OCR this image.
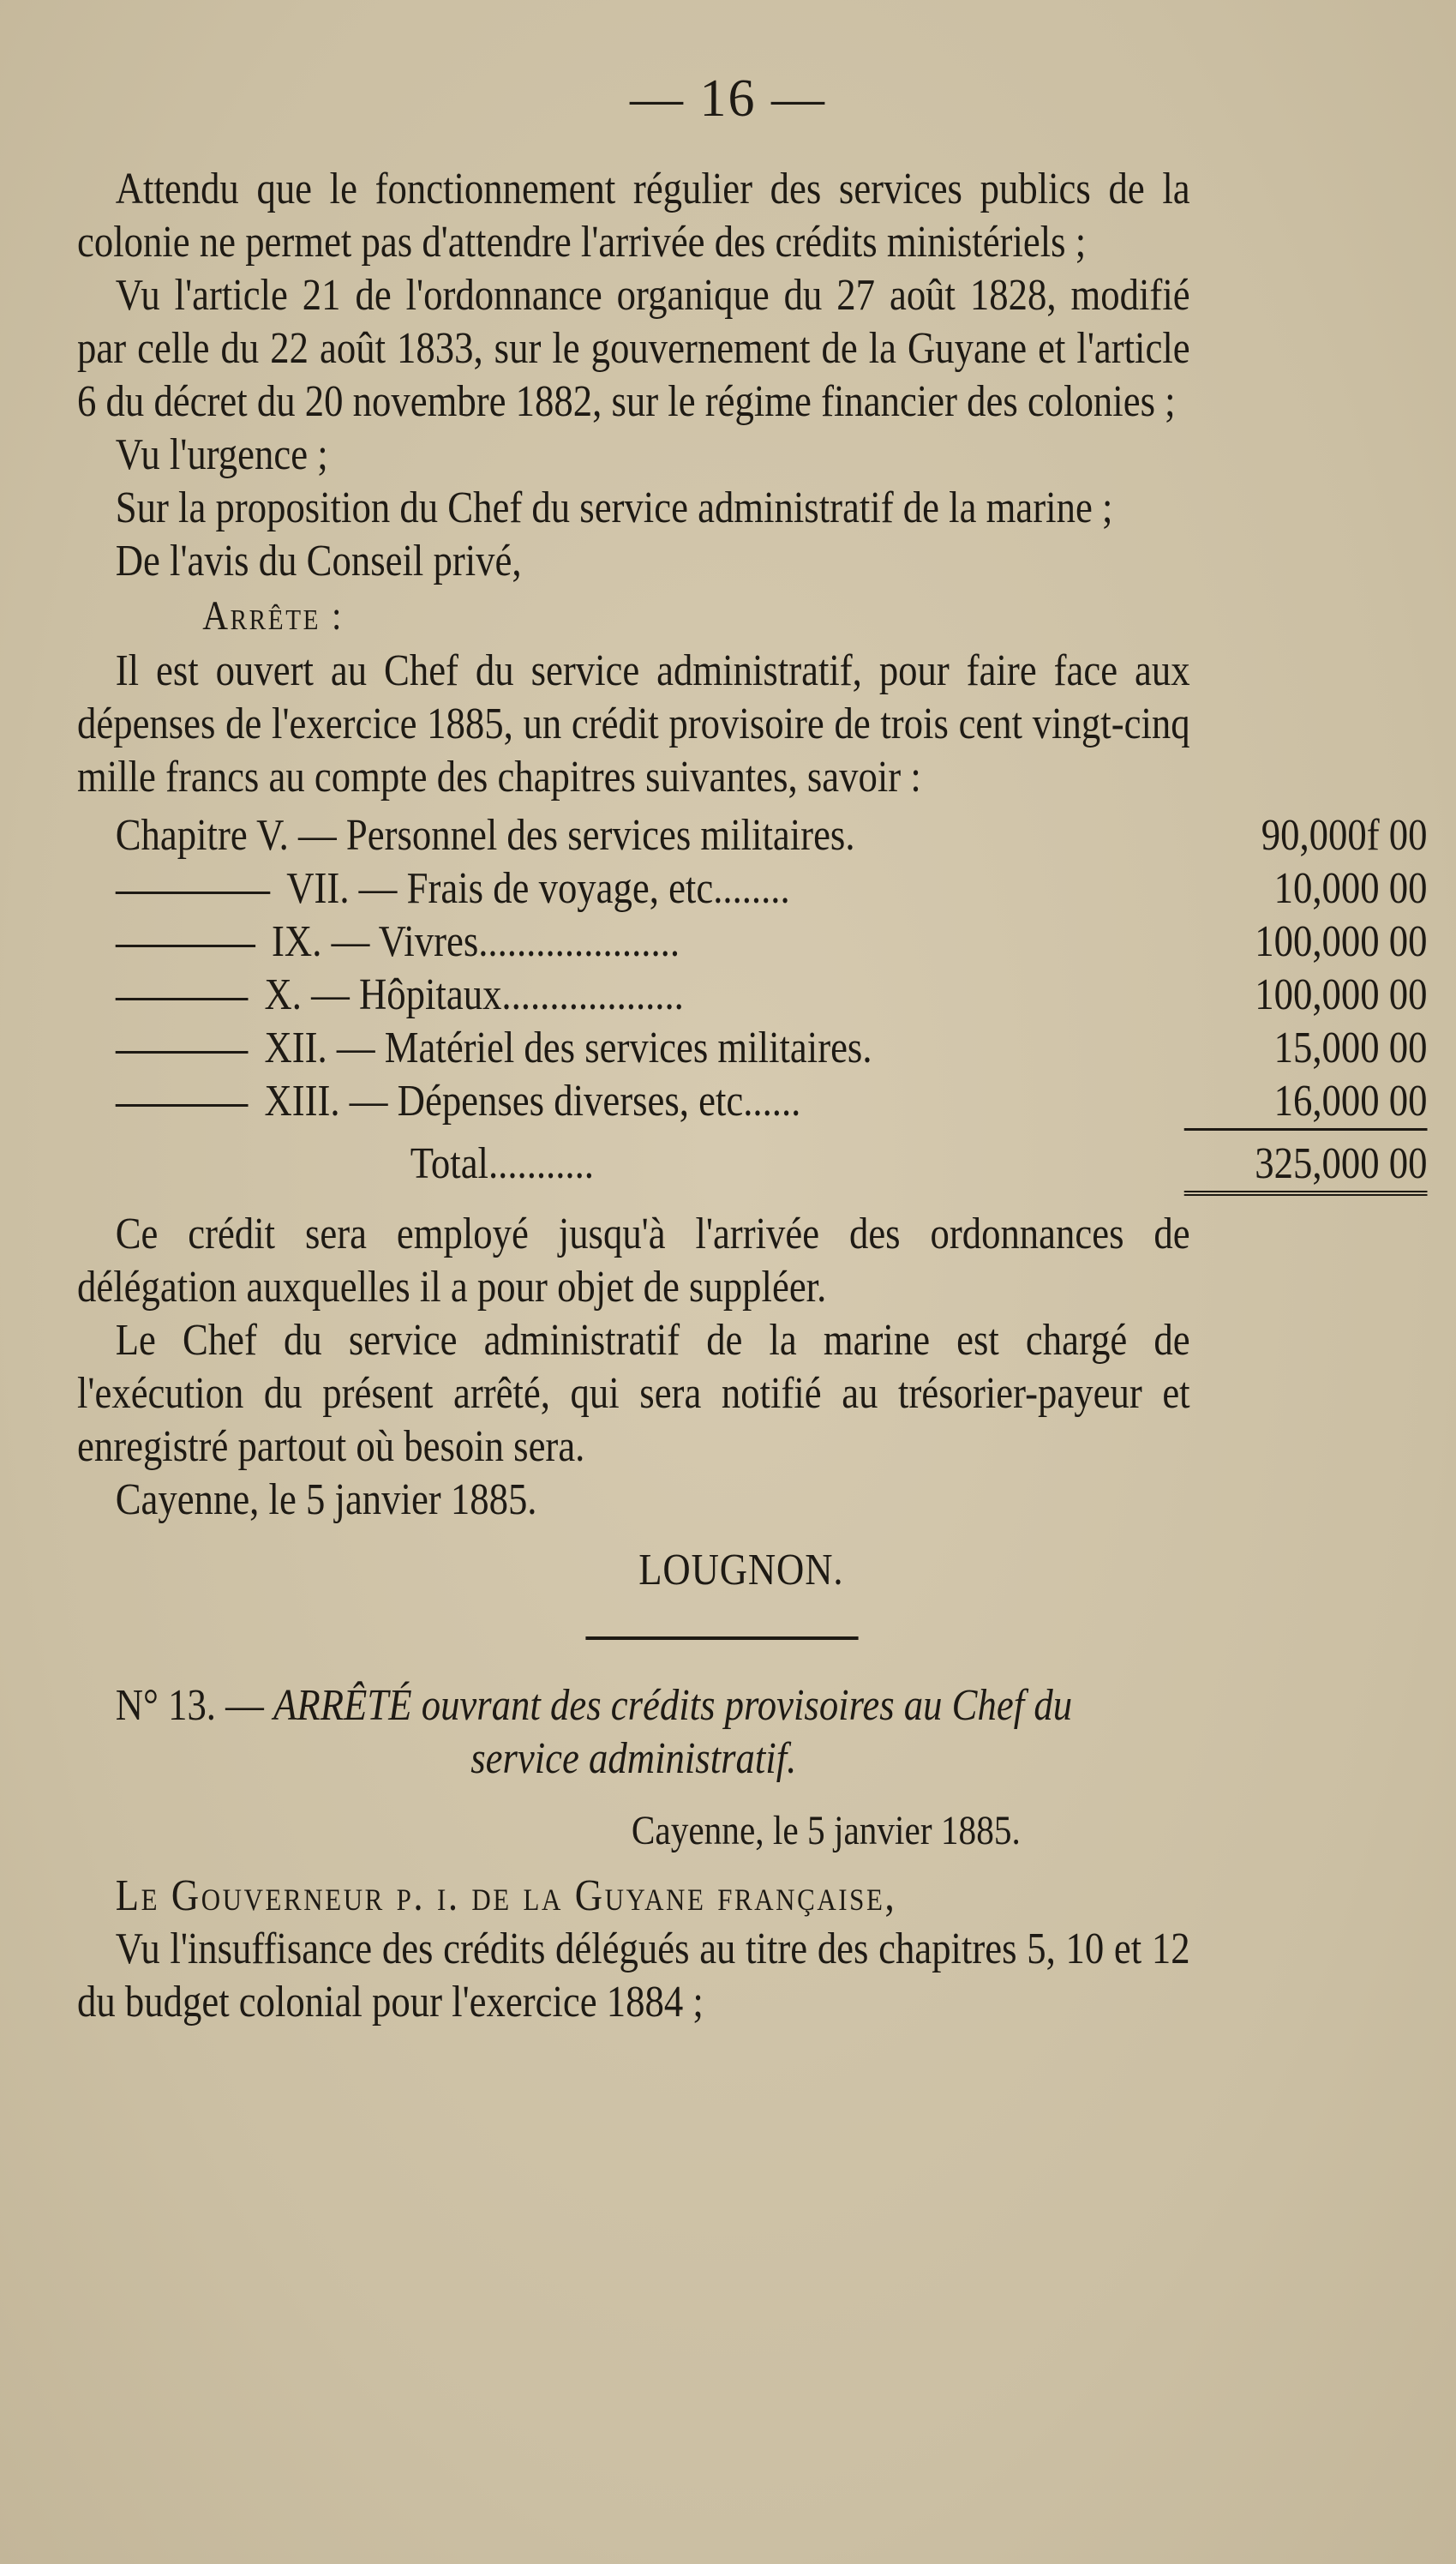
— 16 —

Attendu que le fonctionnement régulier des services publics de la colonie ne permet pas d'attendre l'arrivée des crédits ministériels ;

Vu l'article 21 de l'ordonnance organique du 27 août 1828, modifié par celle du 22 août 1833, sur le gouvernement de la Guyane et l'article 6 du décret du 20 novembre 1882, sur le régime financier des colonies ;

Vu l'urgence ;

Sur la proposition du Chef du service administratif de la marine ;

De l'avis du Conseil privé,

Arrête :

Il est ouvert au Chef du service administratif, pour faire face aux dépenses de l'exercice 1885, un crédit provisoire de trois cent vingt-cinq mille francs au compte des chapitres suivantes, savoir :

Chapitre V. — Personnel des services militaires.	90,000f 00
VII. — Frais de voyage, etc........	10,000 00
IX. — Vivres.....................	100,000 00
X. — Hôpitaux...................	100,000 00
XII. — Matériel des services militaires.	15,000 00
XIII. — Dépenses diverses, etc......	16,000 00
Total...........	325,000 00

Ce crédit sera employé jusqu'à l'arrivée des ordonnances de délégation auxquelles il a pour objet de suppléer.

Le Chef du service administratif de la marine est chargé de l'exécution du présent arrêté, qui sera notifié au trésorier-payeur et enregistré partout où besoin sera.

Cayenne, le 5 janvier 1885.

LOUGNON.

N° 13. — ARRÊTÉ ouvrant des crédits provisoires au Chef du

service administratif.

Cayenne, le 5 janvier 1885.

Le Gouverneur p. i. de la Guyane française,

Vu l'insuffisance des crédits délégués au titre des chapitres 5, 10 et 12 du budget colonial pour l'exercice 1884 ;
